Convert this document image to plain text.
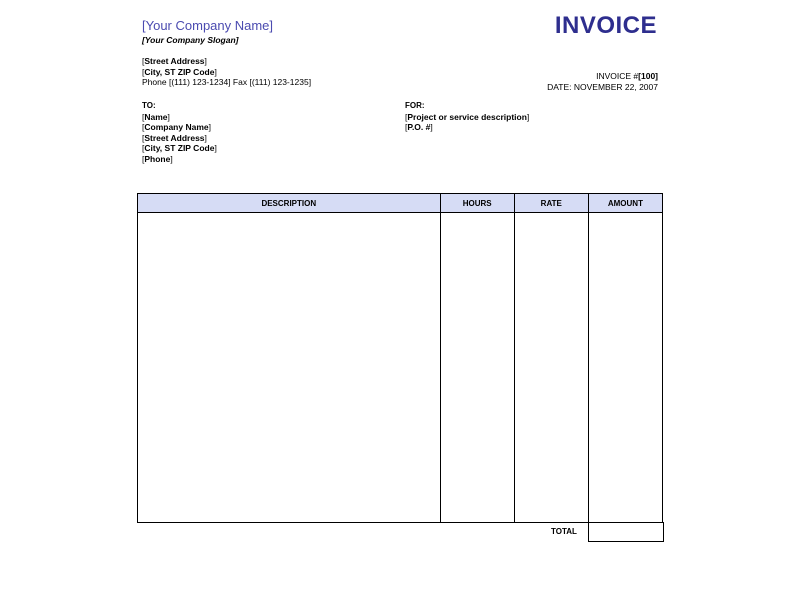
[Your Company Name]
[Your Company Slogan]
INVOICE
[Street Address]
[City, ST ZIP Code]
Phone [(111) 123-1234] Fax [(111) 123-1235]
INVOICE #[100]
DATE: NOVEMBER 22, 2007
TO:
[Name]
[Company Name]
[Street Address]
[City, ST ZIP Code]
[Phone]
FOR:
[Project or service description]
[P.O. #]
DESCRIPTION	HOURS	RATE	AMOUNT

TOTAL
